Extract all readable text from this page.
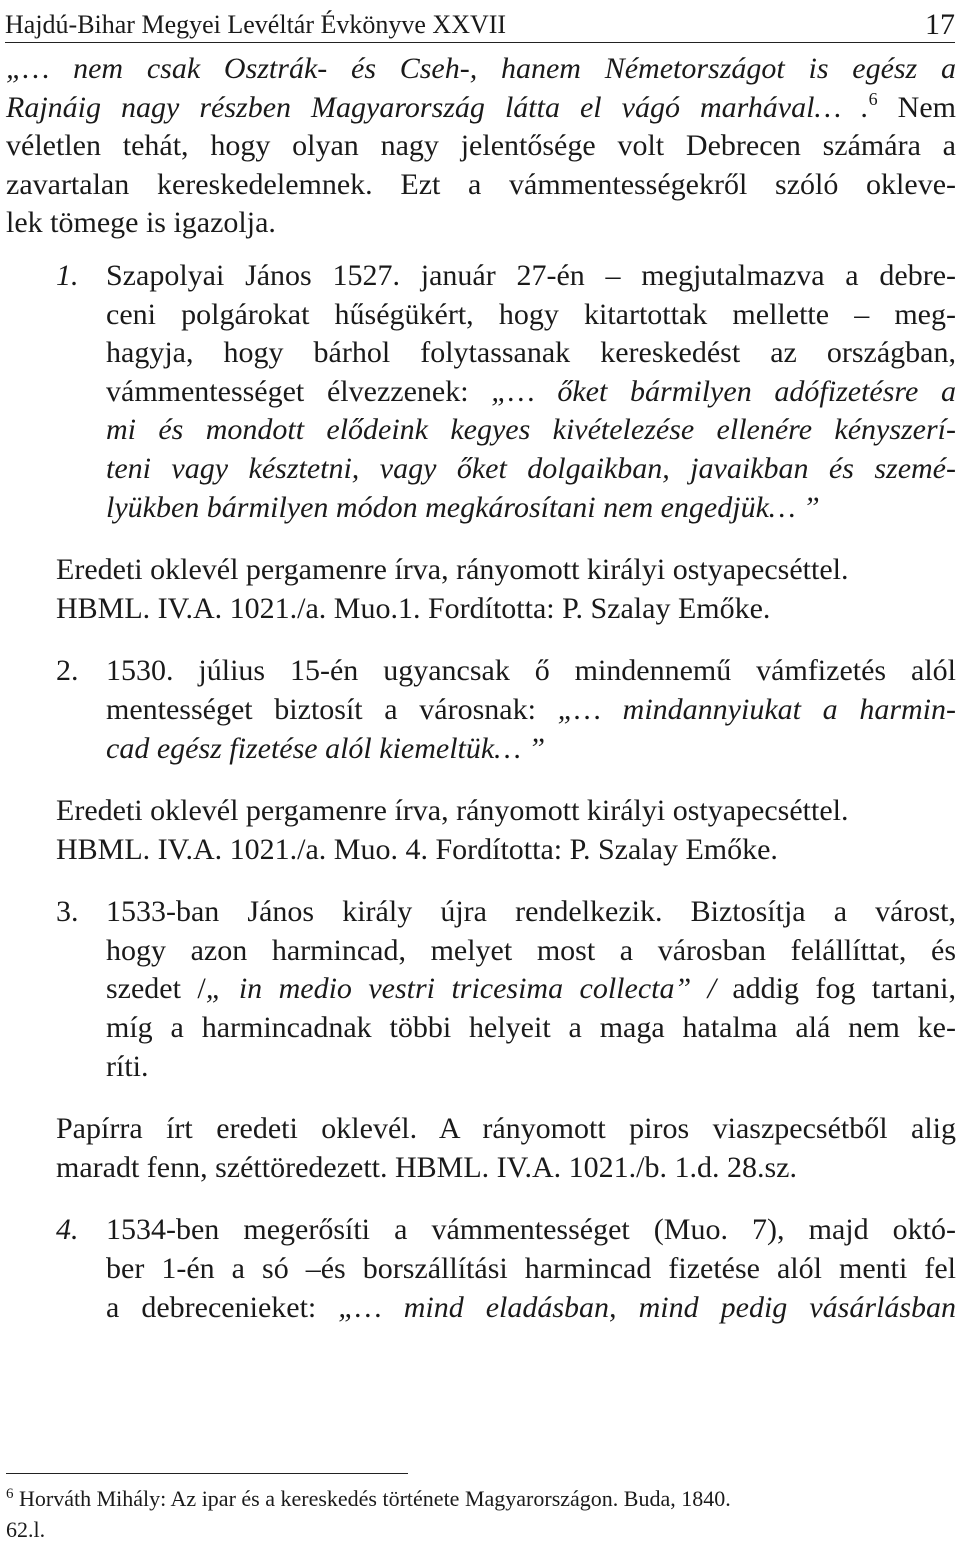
Hajdú-Bihar Megyei Levéltár Évkönyve XXVII	17
„… nem csak Osztrák- és Cseh-, hanem Németországot is egész a
Rajnáig nagy részben Magyarország látta el vágó marhával… .$^6$ Nem
véletlen tehát, hogy olyan nagy jelentősége volt Debrecen számára a
zavartalan kereskedelemnek. Ezt a vámmentességekről szóló okleve-
lek tömege is igazolja.
1. Szapolyai János 1527. január 27-én – megjutalmazva a debre-
ceni polgárokat hűségükért, hogy kitartottak mellette – meg-
hagyja, hogy bárhol folytassanak kereskedést az országban,
vámmentességet élvezzenek: „… őket bármilyen adófizetésre a
mi és mondott elődeink kegyes kivételezése ellenére kényszerí-
teni vagy késztetni, vagy őket dolgaikban, javaikban és szemé-
lyükben bármilyen módon megkárosítani nem engedjük… ”
Eredeti oklevél pergamenre írva, rányomott királyi ostyapecséttel.
HBML. IV.A. 1021./a. Muo.1. Fordította: P. Szalay Emőke.
2. 1530. július 15-én ugyancsak ő mindennemű vámfizetés alól
mentességet biztosít a városnak: „… mindannyiukat a harmin-
cad egész fizetése alól kiemeltük… ”
Eredeti oklevél pergamenre írva, rányomott királyi ostyapecséttel.
HBML. IV.A. 1021./a. Muo. 4. Fordította: P. Szalay Emőke.
3. 1533-ban János király újra rendelkezik. Biztosítja a várost,
hogy azon harmincad, melyet most a városban felállíttat, és
szedet /„ in medio vestri tricesima collecta” / addig fog tartani,
míg a harmincadnak többi helyeit a maga hatalma alá nem ke-
ríti.
Papírra írt eredeti oklevél. A rányomott piros viaszpecsétből alig
maradt fenn, széttöredezett. HBML. IV.A. 1021./b. 1.d. 28.sz.
4. 1534-ben megerősíti a vámmentességet (Muo. 7), majd októ-
ber 1-én a só –és borszállítási harmincad fizetése alól menti fel
a debrecenieket: „… mind eladásban, mind pedig vásárlásban
$^6$ Horváth Mihály: Az ipar és a kereskedés története Magyarországon. Buda, 1840.
62.l.
